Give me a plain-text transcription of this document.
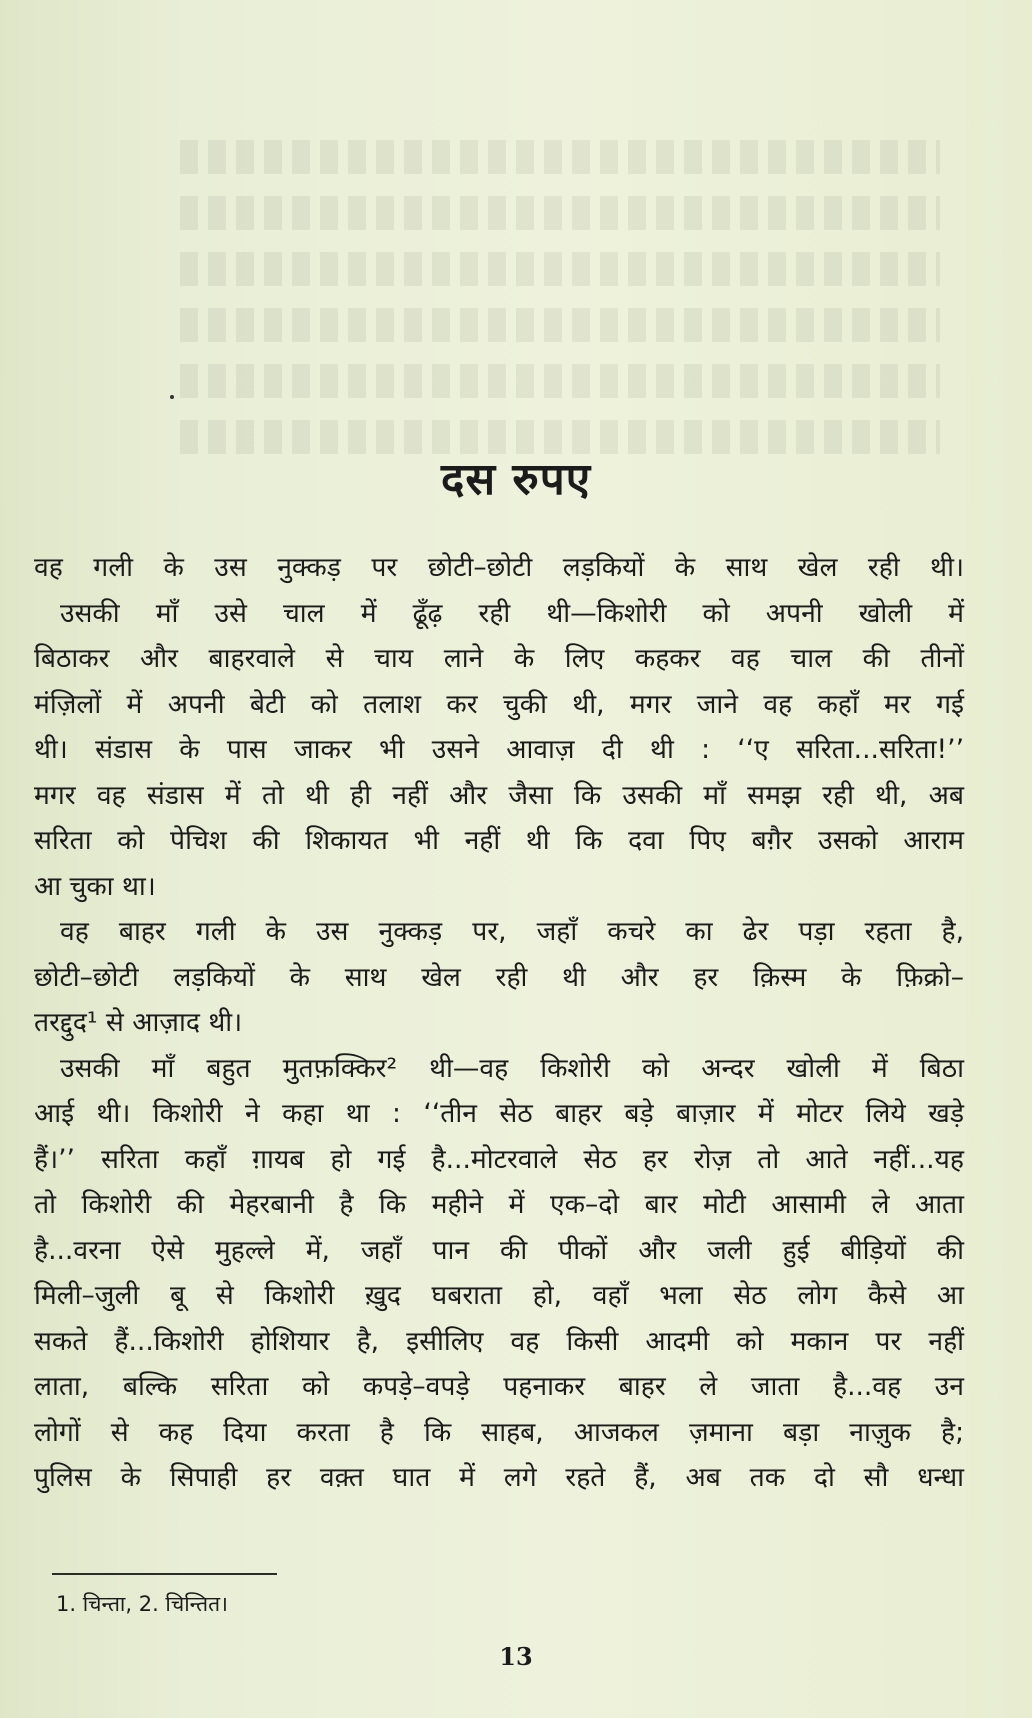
दस रुपए
वह गली के उस नुक्कड़ पर छोटी–छोटी लड़कियों के साथ खेल रही थी।
उसकी माँ उसे चाल में ढूँढ़ रही थी—किशोरी को अपनी खोली में
बिठाकर और बाहरवाले से चाय लाने के लिए कहकर वह चाल की तीनों
मंज़िलों में अपनी बेटी को तलाश कर चुकी थी, मगर जाने वह कहाँ मर गई
थी। संडास के पास जाकर भी उसने आवाज़ दी थी : ‘‘ए सरिता...सरिता!’’
मगर वह संडास में तो थी ही नहीं और जैसा कि उसकी माँ समझ रही थी, अब
सरिता को पेचिश की शिकायत भी नहीं थी कि दवा पिए बग़ैर उसको आराम
आ चुका था।
वह बाहर गली के उस नुक्कड़ पर, जहाँ कचरे का ढेर पड़ा रहता है,
छोटी–छोटी लड़कियों के साथ खेल रही थी और हर क़िस्म के फ़िक्रो–
तरद्दुद¹ से आज़ाद थी।
उसकी माँ बहुत मुतफ़क्किर² थी—वह किशोरी को अन्दर खोली में बिठा
आई थी। किशोरी ने कहा था : ‘‘तीन सेठ बाहर बड़े बाज़ार में मोटर लिये खड़े
हैं।’’ सरिता कहाँ ग़ायब हो गई है...मोटरवाले सेठ हर रोज़ तो आते नहीं...यह
तो किशोरी की मेहरबानी है कि महीने में एक–दो बार मोटी आसामी ले आता
है...वरना ऐसे मुहल्ले में, जहाँ पान की पीकों और जली हुई बीड़ियों की
मिली–जुली बू से किशोरी ख़ुद घबराता हो, वहाँ भला सेठ लोग कैसे आ
सकते हैं...किशोरी होशियार है, इसीलिए वह किसी आदमी को मकान पर नहीं
लाता, बल्कि सरिता को कपड़े–वपड़े पहनाकर बाहर ले जाता है...वह उन
लोगों से कह दिया करता है कि साहब, आजकल ज़माना बड़ा नाज़ुक है;
पुलिस के सिपाही हर वक़्त घात में लगे रहते हैं, अब तक दो सौ धन्धा
1. चिन्ता, 2. चिन्तित।
13
